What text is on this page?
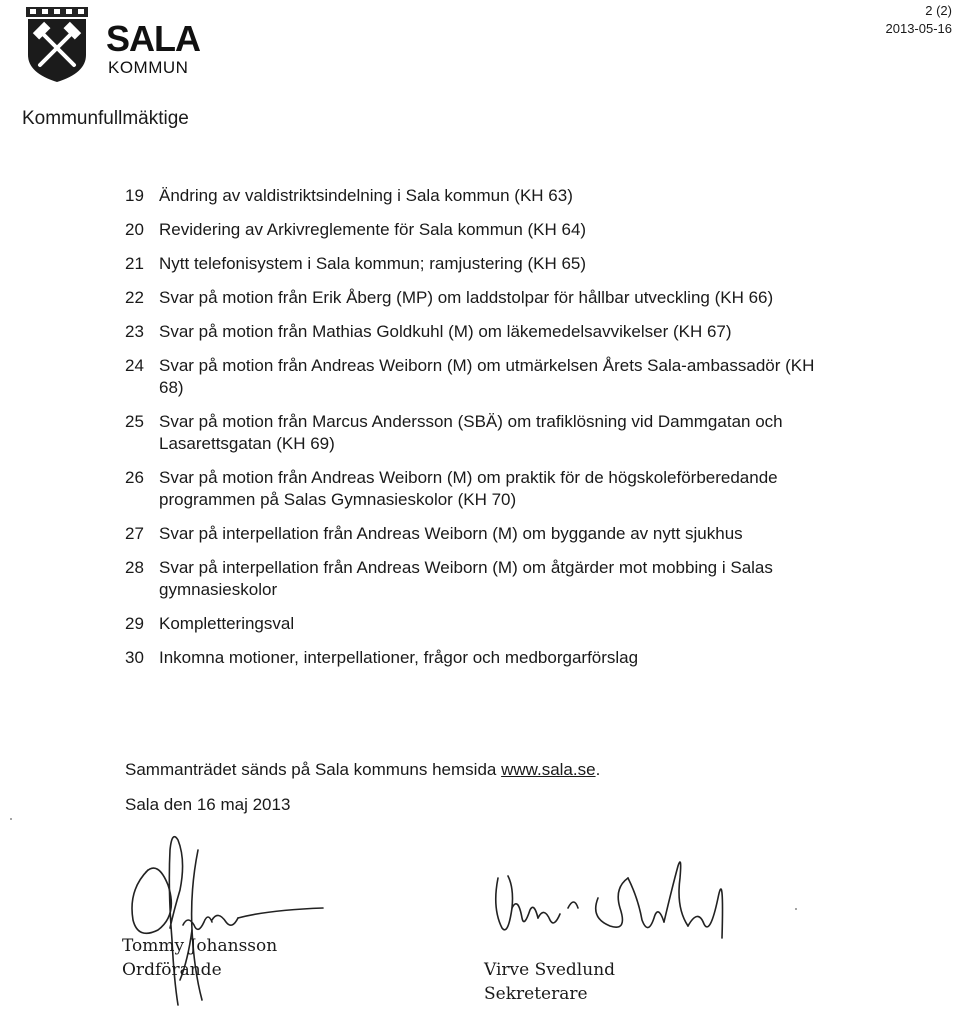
SALA
KOMMUN
2 (2)
2013-05-16
Kommunfullmäktige
19 Ändring av valdistriktsindelning i Sala kommun (KH 63)
20 Revidering av Arkivreglemente för Sala kommun (KH 64)
21 Nytt telefonisystem i Sala kommun; ramjustering (KH 65)
22 Svar på motion från Erik Åberg (MP) om laddstolpar för hållbar utveckling (KH 66)
23 Svar på motion från Mathias Goldkuhl (M) om läkemedelsavvikelser (KH 67)
24 Svar på motion från Andreas Weiborn (M) om utmärkelsen Årets Sala-ambassadör (KH 68)
25 Svar på motion från Marcus Andersson (SBÄ) om trafiklösning vid Dammgatan och Lasarettsgatan (KH 69)
26 Svar på motion från Andreas Weiborn (M) om praktik för de högskoleförberedande programmen på Salas Gymnasieskolor (KH 70)
27 Svar på interpellation från Andreas Weiborn (M) om byggande av nytt sjukhus
28 Svar på interpellation från Andreas Weiborn (M) om åtgärder mot mobbing i Salas gymnasieskolor
29 Kompletteringsval
30 Inkomna motioner, interpellationer, frågor och medborgarförslag
Sammanträdet sänds på Sala kommuns hemsida www.sala.se.
Sala den 16 maj 2013
Tommy Johansson
Ordförande	Virve Svedlund
Sekreterare
